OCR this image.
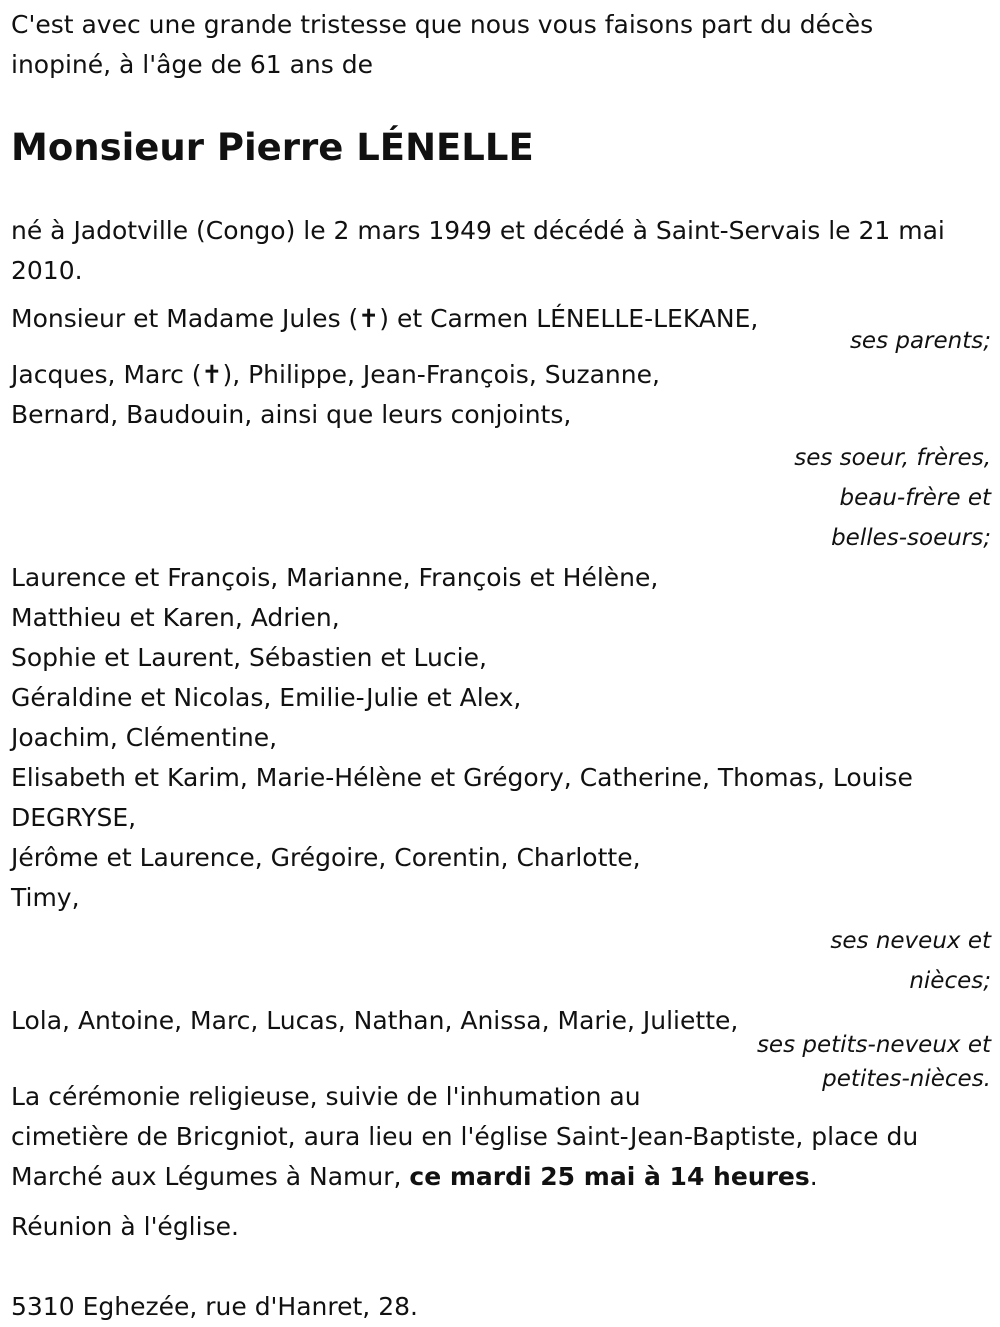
C'est avec une grande tristesse que nous vous faisons part du décès

inopiné, à l'âge de 61 ans de

Monsieur Pierre LÉNELLE

né à Jadotville (Congo) le 2 mars 1949 et décédé à Saint-Servais le 21 mai

2010.

Monsieur et Madame Jules (✝) et Carmen LÉNELLE-LEKANE,

ses parents;

Jacques, Marc (✝), Philippe, Jean-François, Suzanne,

Bernard, Baudouin, ainsi que leurs conjoints,

ses soeur, frères,

beau-frère et

belles-soeurs;

Laurence et François, Marianne, François et Hélène,

Matthieu et Karen, Adrien,

Sophie et Laurent, Sébastien et Lucie,

Géraldine et Nicolas, Emilie-Julie et Alex,

Joachim, Clémentine,

Elisabeth et Karim, Marie-Hélène et Grégory, Catherine, Thomas, Louise

DEGRYSE,

Jérôme et Laurence, Grégoire, Corentin, Charlotte,

Timy,

ses neveux et

nièces;

Lola, Antoine, Marc, Lucas, Nathan, Anissa, Marie, Juliette,

ses petits-neveux et

petites-nièces.

La cérémonie religieuse, suivie de l'inhumation au

cimetière de Bricgniot, aura lieu en l'église Saint-Jean-Baptiste, place du

Marché aux Légumes à Namur, ce mardi 25 mai à 14 heures.

Réunion à l'église.

5310 Eghezée, rue d'Hanret, 28.
